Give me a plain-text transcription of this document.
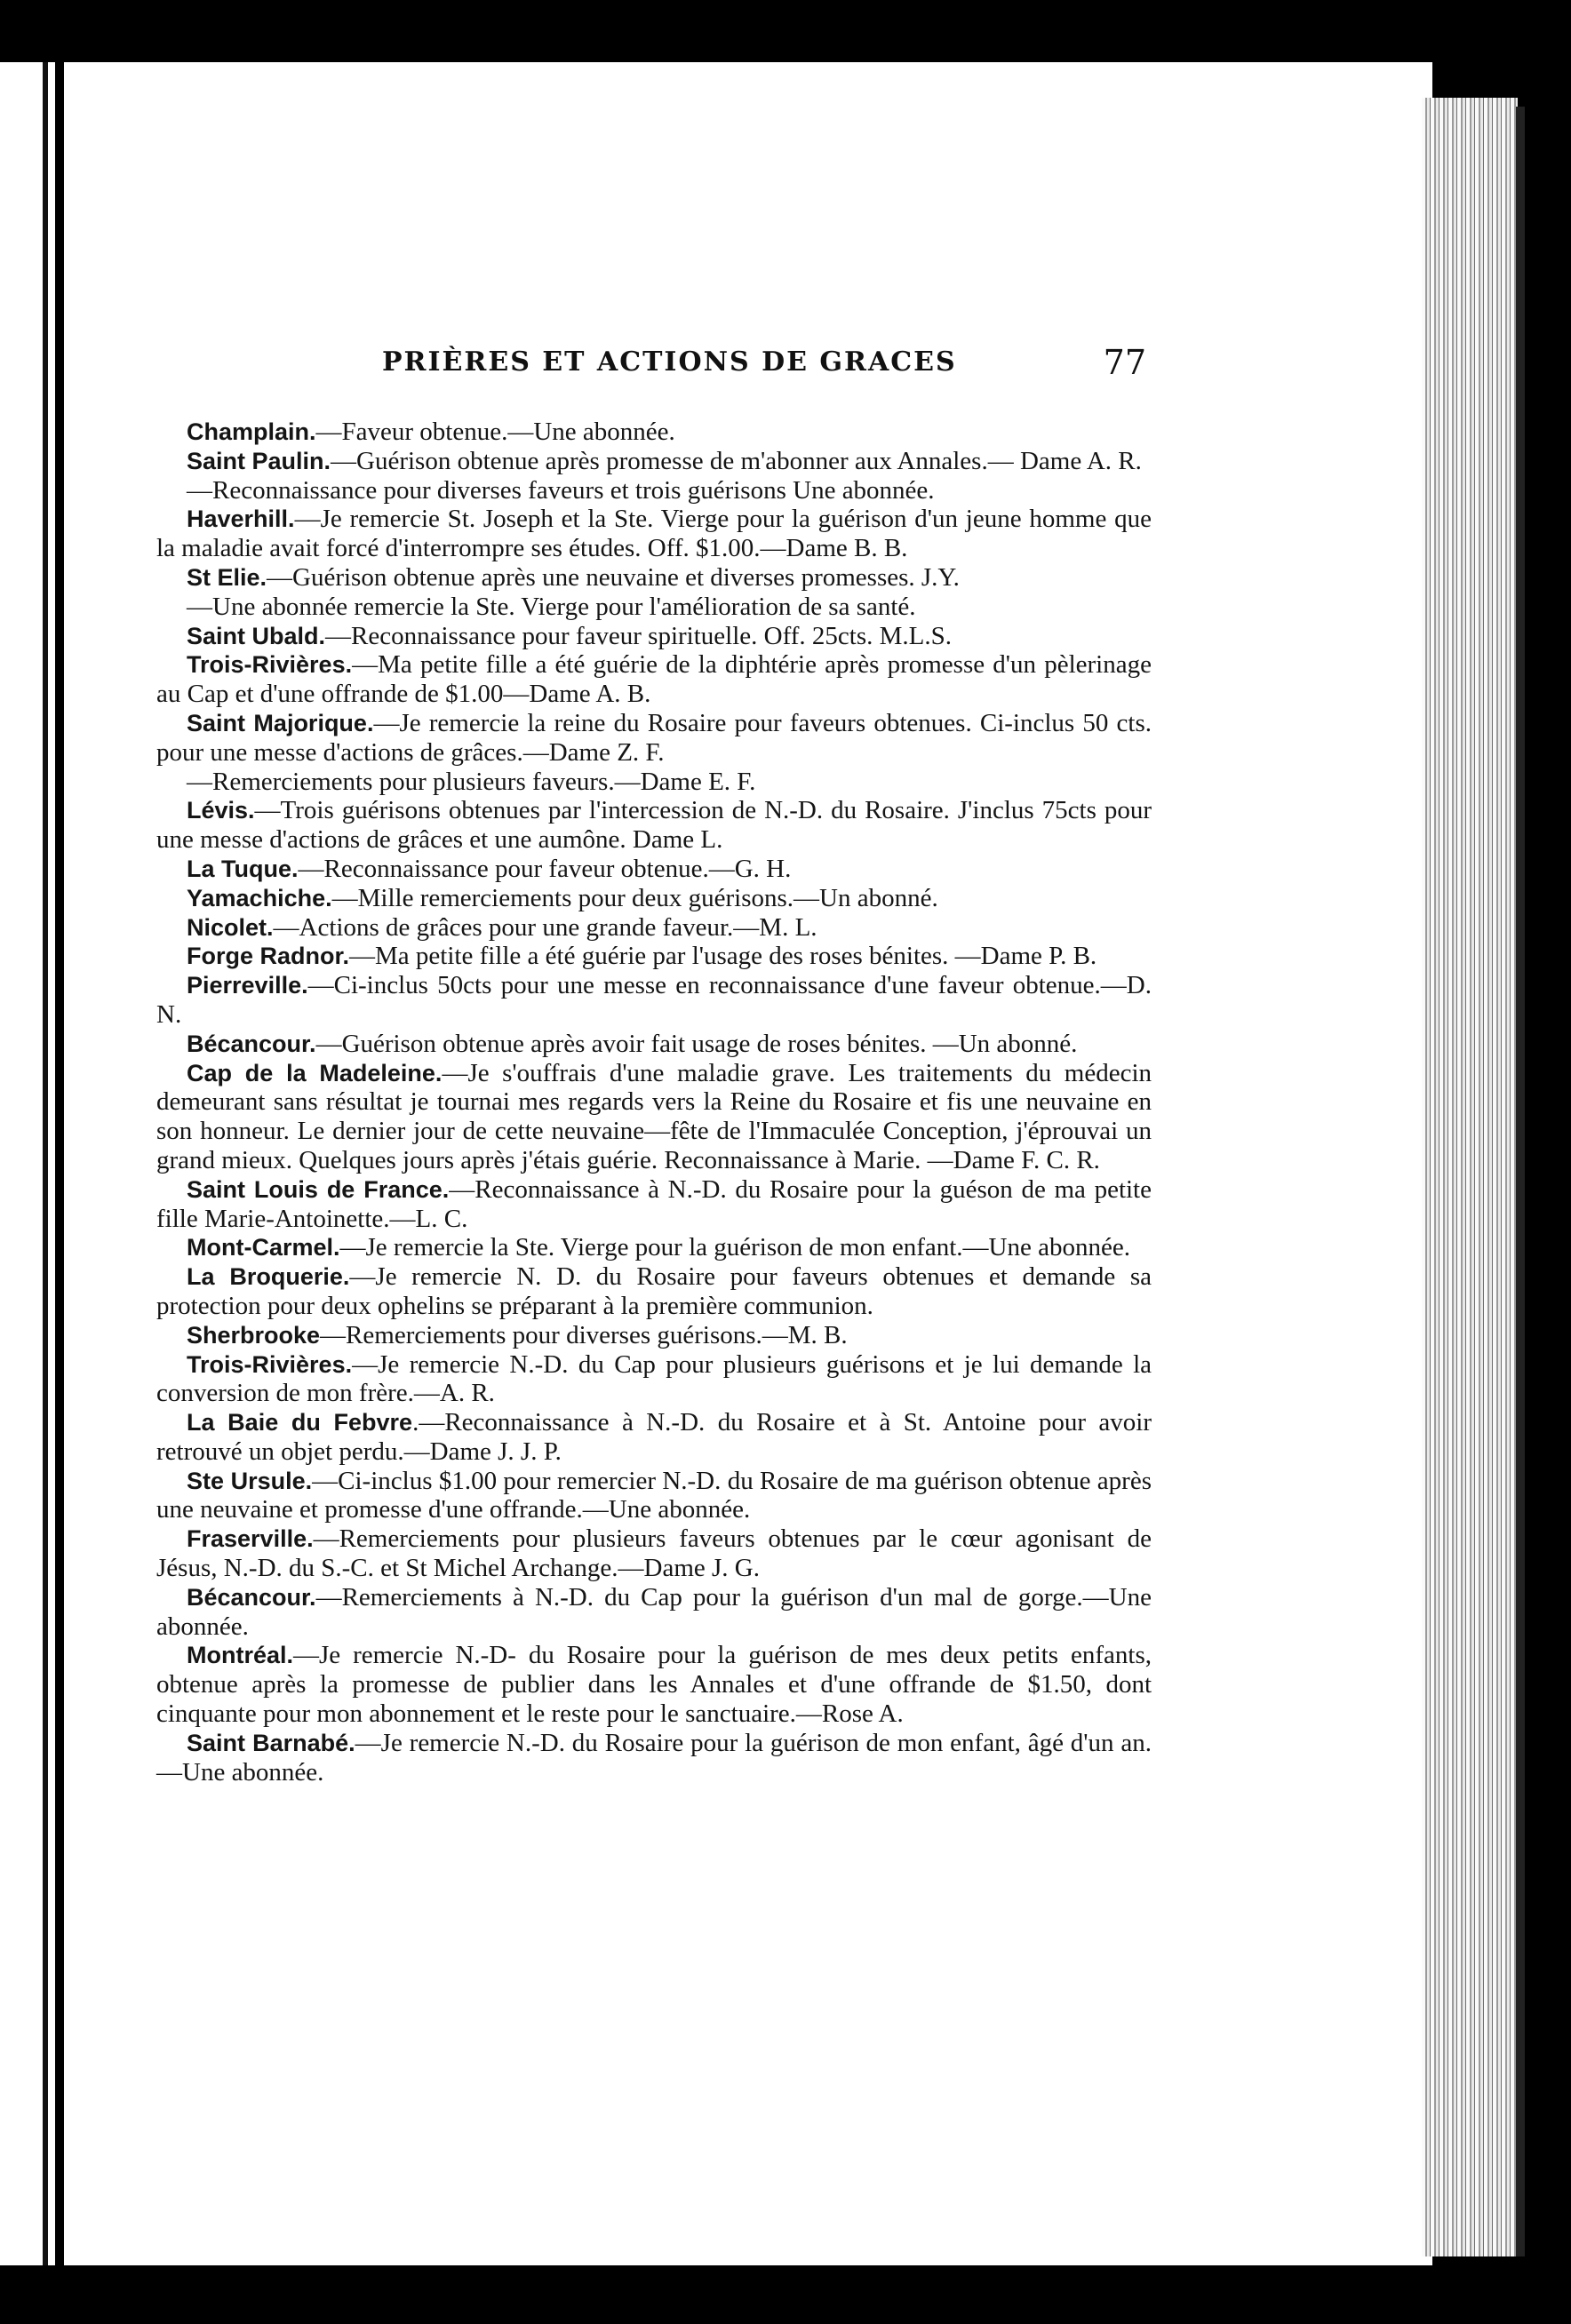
PRIÈRES ET ACTIONS DE GRACES	77

Champlain.—Faveur obtenue.—Une abonnée.

Saint Paulin.—Guérison obtenue après promesse de m'abonner aux Annales.— Dame A. R.

—Reconnaissance pour diverses faveurs et trois guérisons Une abonnée.

Haverhill.—Je remercie St. Joseph et la Ste. Vierge pour la guérison d'un jeune homme que la maladie avait forcé d'interrompre ses études. Off. $1.00.—Dame B. B.

St Elie.—Guérison obtenue après une neuvaine et diverses promesses. J.Y.

—Une abonnée remercie la Ste. Vierge pour l'amélioration de sa santé.

Saint Ubald.—Reconnaissance pour faveur spirituelle. Off. 25cts. M.L.S.

Trois-Rivières.—Ma petite fille a été guérie de la diphtérie après promesse d'un pèlerinage au Cap et d'une offrande de $1.00—Dame A. B.

Saint Majorique.—Je remercie la reine du Rosaire pour faveurs obtenues. Ci-inclus 50 cts. pour une messe d'actions de grâces.—Dame Z. F.

—Remerciements pour plusieurs faveurs.—Dame E. F.

Lévis.—Trois guérisons obtenues par l'intercession de N.-D. du Rosaire. J'inclus 75cts pour une messe d'actions de grâces et une aumône. Dame L.

La Tuque.—Reconnaissance pour faveur obtenue.—G. H.

Yamachiche.—Mille remerciements pour deux guérisons.—Un abonné.

Nicolet.—Actions de grâces pour une grande faveur.—M. L.

Forge Radnor.—Ma petite fille a été guérie par l'usage des roses bénites. —Dame P. B.

Pierreville.—Ci-inclus 50cts pour une messe en reconnaissance d'une faveur obtenue.—D. N.

Bécancour.—Guérison obtenue après avoir fait usage de roses bénites. —Un abonné.

Cap de la Madeleine.—Je s'ouffrais d'une maladie grave. Les traitements du médecin demeurant sans résultat je tournai mes regards vers la Reine du Rosaire et fis une neuvaine en son honneur. Le dernier jour de cette neuvaine—fête de l'Immaculée Conception, j'éprouvai un grand mieux. Quelques jours après j'étais guérie. Reconnaissance à Marie. —Dame F. C. R.

Saint Louis de France.—Reconnaissance à N.-D. du Rosaire pour la guéson de ma petite fille Marie-Antoinette.—L. C.

Mont-Carmel.—Je remercie la Ste. Vierge pour la guérison de mon enfant.—Une abonnée.

La Broquerie.—Je remercie N. D. du Rosaire pour faveurs obtenues et demande sa protection pour deux ophelins se préparant à la première communion.

Sherbrooke—Remerciements pour diverses guérisons.—M. B.

Trois-Rivières.—Je remercie N.-D. du Cap pour plusieurs guérisons et je lui demande la conversion de mon frère.—A. R.

La Baie du Febvre.—Reconnaissance à N.-D. du Rosaire et à St. Antoine pour avoir retrouvé un objet perdu.—Dame J. J. P.

Ste Ursule.—Ci-inclus $1.00 pour remercier N.-D. du Rosaire de ma guérison obtenue après une neuvaine et promesse d'une offrande.—Une abonnée.

Fraserville.—Remerciements pour plusieurs faveurs obtenues par le cœur agonisant de Jésus, N.-D. du S.-C. et St Michel Archange.—Dame J. G.

Bécancour.—Remerciements à N.-D. du Cap pour la guérison d'un mal de gorge.—Une abonnée.

Montréal.—Je remercie N.-D- du Rosaire pour la guérison de mes deux petits enfants, obtenue après la promesse de publier dans les Annales et d'une offrande de $1.50, dont cinquante pour mon abonnement et le reste pour le sanctuaire.—Rose A.

Saint Barnabé.—Je remercie N.-D. du Rosaire pour la guérison de mon enfant, âgé d'un an.—Une abonnée.
